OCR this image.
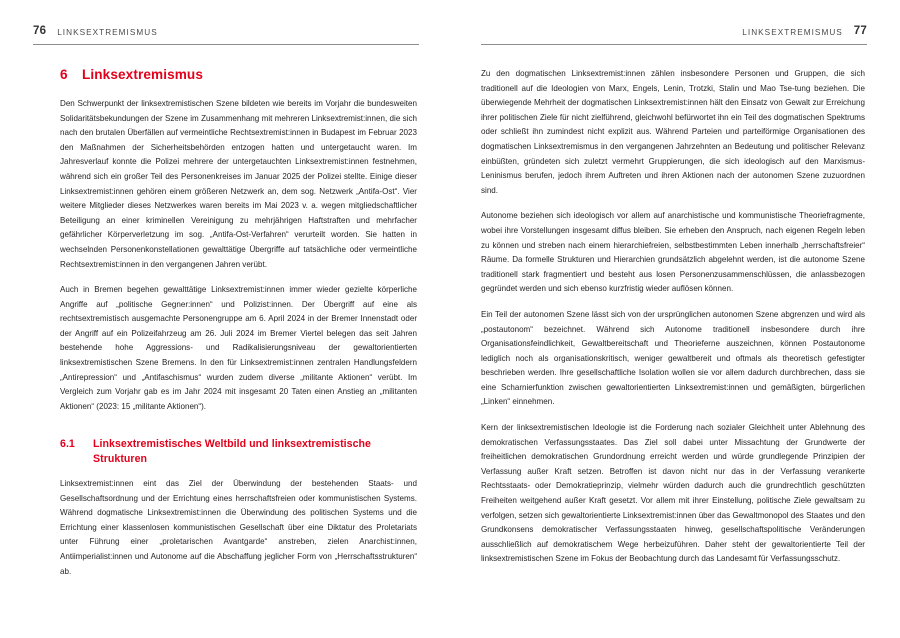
76 LINKSEXTREMISMUS
6	Linksextremismus

Den Schwerpunkt der linksextremistischen Szene bildeten wie bereits im Vorjahr die bundesweiten Solidaritätsbekundungen der Szene im Zusammenhang mit mehreren Linksextremist:innen, die sich nach den brutalen Überfällen auf vermeintliche Rechtsextremist:innen in Budapest im Februar 2023 den Maßnahmen der Sicherheitsbehörden entzogen hatten und untergetaucht waren. Im Jahresverlauf konnte die Polizei mehrere der untergetauchten Linksextremist:innen festnehmen, während sich ein großer Teil des Personenkreises im Januar 2025 der Polizei stellte. Einige dieser Linksextremist:innen gehören einem größeren Netzwerk an, dem sog. Netzwerk „Antifa-Ost“. Vier weitere Mitglieder dieses Netzwerkes waren bereits im Mai 2023 v. a. wegen mitgliedschaftlicher Beteiligung an einer kriminellen Vereinigung zu mehrjährigen Haftstraften und mehrfacher gefährlicher Körperverletzung im sog. „Antifa-Ost-Verfahren“ verurteilt worden. Sie hatten in wechselnden Personenkonstellationen gewalttätige Übergriffe auf tatsächliche oder vermeintliche Rechtsextremist:innen in den vergangenen Jahren verübt.

Auch in Bremen begehen gewalttätige Linksextremist:innen immer wieder gezielte körperliche Angriffe auf „politische Gegner:innen“ und Polizist:innen. Der Übergriff auf eine als rechtsextremistisch ausgemachte Personengruppe am 6. April 2024 in der Bremer Innenstadt oder der Angriff auf ein Polizeifahrzeug am 26. Juli 2024 im Bremer Viertel belegen das seit Jahren bestehende hohe Aggressions- und Radikalisierungsniveau der gewaltorientierten linksextremistischen Szene Bremens. In den für Linksextremist:innen zentralen Handlungsfeldern „Antirepression“ und „Antifaschismus“ wurden zudem diverse „militante Aktionen“ verübt. Im Vergleich zum Vorjahr gab es im Jahr 2024 mit insgesamt 20 Taten einen Anstieg an „militanten Aktionen“ (2023: 15 „militante Aktionen“).

6.1	Linksextremistisches Weltbild und linksextremistische Strukturen

Linksextremist:innen eint das Ziel der Überwindung der bestehenden Staats- und Gesellschaftsordnung und der Errichtung eines herrschaftsfreien oder kommunistischen Systems. Während dogmatische Linksextremist:innen die Überwindung des politischen Systems und die Errichtung einer klassenlosen kommunistischen Gesellschaft über eine Diktatur des Proletariats unter Führung einer „proletarischen Avantgarde“ anstreben, zielen Anarchist:innen, Antiimperialist:innen und Autonome auf die Abschaffung jeglicher Form von „Herrschaftsstrukturen“ ab.

LINKSEXTREMISMUS 77

Zu den dogmatischen Linksextremist:innen zählen insbesondere Personen und Gruppen, die sich traditionell auf die Ideologien von Marx, Engels, Lenin, Trotzki, Stalin und Mao Tse-tung beziehen. Die überwiegende Mehrheit der dogmatischen Linksextremist:innen hält den Einsatz von Gewalt zur Erreichung ihrer politischen Ziele für nicht zielführend, gleichwohl befürwortet ihn ein Teil des dogmatischen Spektrums oder schließt ihn zumindest nicht explizit aus. Während Parteien und parteiförmige Organisationen des dogmatischen Linksextremismus in den vergangenen Jahrzehnten an Bedeutung und politischer Relevanz einbüßten, gründeten sich zuletzt vermehrt Gruppierungen, die sich ideologisch auf den Marxismus-Leninismus berufen, jedoch ihrem Auftreten und ihren Aktionen nach der autonomen Szene zuzuordnen sind.

Autonome beziehen sich ideologisch vor allem auf anarchistische und kommunistische Theoriefragmente, wobei ihre Vorstellungen insgesamt diffus bleiben. Sie erheben den Anspruch, nach eigenen Regeln leben zu können und streben nach einem hierarchiefreien, selbstbestimmten Leben innerhalb „herrschaftsfreier“ Räume. Da formelle Strukturen und Hierarchien grundsätzlich abgelehnt werden, ist die autonome Szene traditionell stark fragmentiert und besteht aus losen Personenzusammenschlüssen, die anlassbezogen gegründet werden und sich ebenso kurzfristig wieder auflösen können.

Ein Teil der autonomen Szene lässt sich von der ursprünglichen autonomen Szene abgrenzen und wird als „postautonom“ bezeichnet. Während sich Autonome traditionell insbesondere durch ihre Organisationsfeindlichkeit, Gewaltbereitschaft und Theorieferne auszeichnen, können Postautonome lediglich noch als organisationskritisch, weniger gewaltbereit und oftmals als theoretisch gefestigter beschrieben werden. Ihre gesellschaftliche Isolation wollen sie vor allem dadurch durchbrechen, dass sie eine Scharnierfunktion zwischen gewaltorientierten Linksextremist:innen und gemäßigten, bürgerlichen „Linken“ einnehmen.

Kern der linksextremistischen Ideologie ist die Forderung nach sozialer Gleichheit unter Ablehnung des demokratischen Verfassungsstaates. Das Ziel soll dabei unter Missachtung der Grundwerte der freiheitlichen demokratischen Grundordnung erreicht werden und würde grundlegende Prinzipien der Verfassung außer Kraft setzen. Betroffen ist davon nicht nur das in der Verfassung verankerte Rechtsstaats- oder Demokratieprinzip, vielmehr würden dadurch auch die grundrechtlich geschützten Freiheiten weitgehend außer Kraft gesetzt. Vor allem mit ihrer Einstellung, politische Ziele gewaltsam zu verfolgen, setzen sich gewaltorientierte Linksextremist:innen über das Gewaltmonopol des Staates und den Grundkonsens demokratischer Verfassungsstaaten hinweg, gesellschaftspolitische Veränderungen ausschließlich auf demokratischem Wege herbeizuführen. Daher steht der gewaltorientierte Teil der linksextremistischen Szene im Fokus der Beobachtung durch das Landesamt für Verfassungsschutz.
